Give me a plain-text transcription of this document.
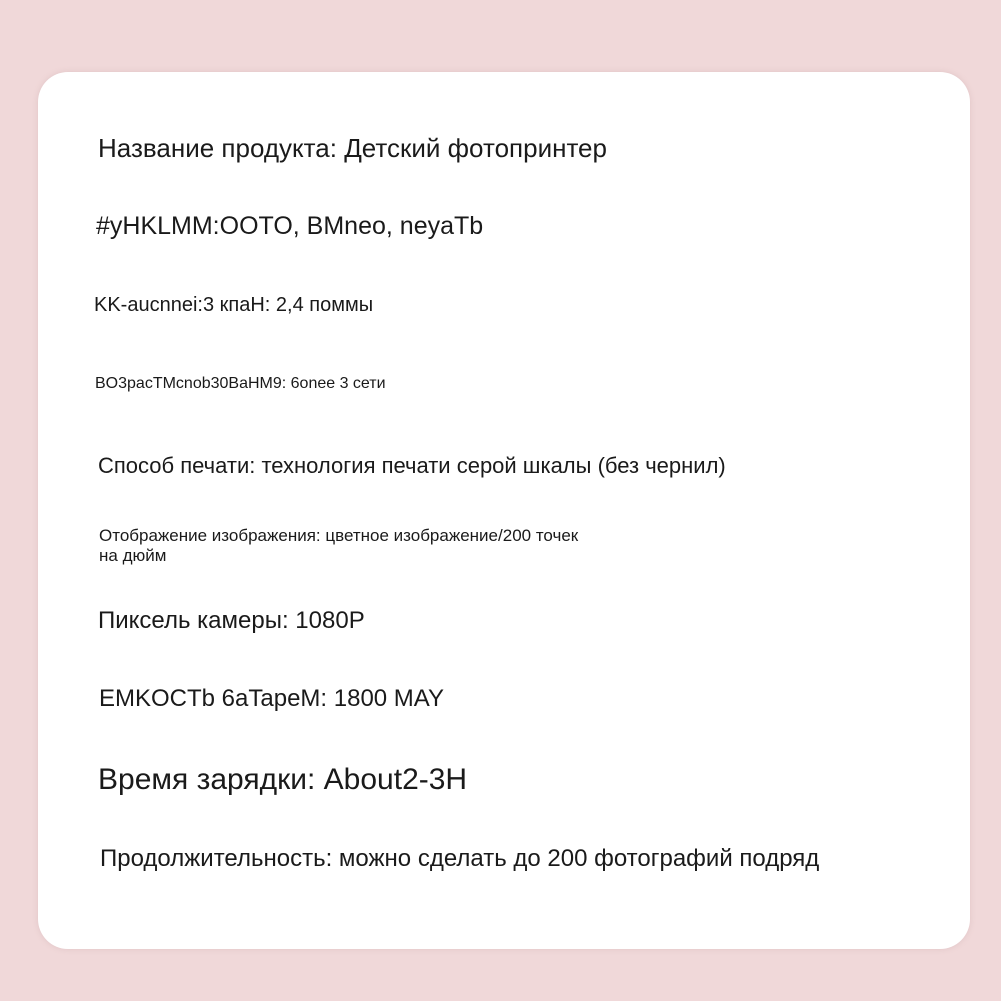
Название продукта: Детский фотопринтер

#yHKLMM:OOTO, BMneo, neyaTb

KK-aucnnei:3 кпаН: 2,4 поммы

BO3pacTMcnob30BaHM9: 6onee 3 сети

Способ печати: технология печати серой шкалы (без чернил)

Отображение изображения: цветное изображение/200 точек на дюйм

Пиксель камеры: 1080P

EMKOCTb 6aTapeM: 1800 MAY

Время зарядки: About2-3H

Продолжительность: можно сделать до 200 фотографий подряд
